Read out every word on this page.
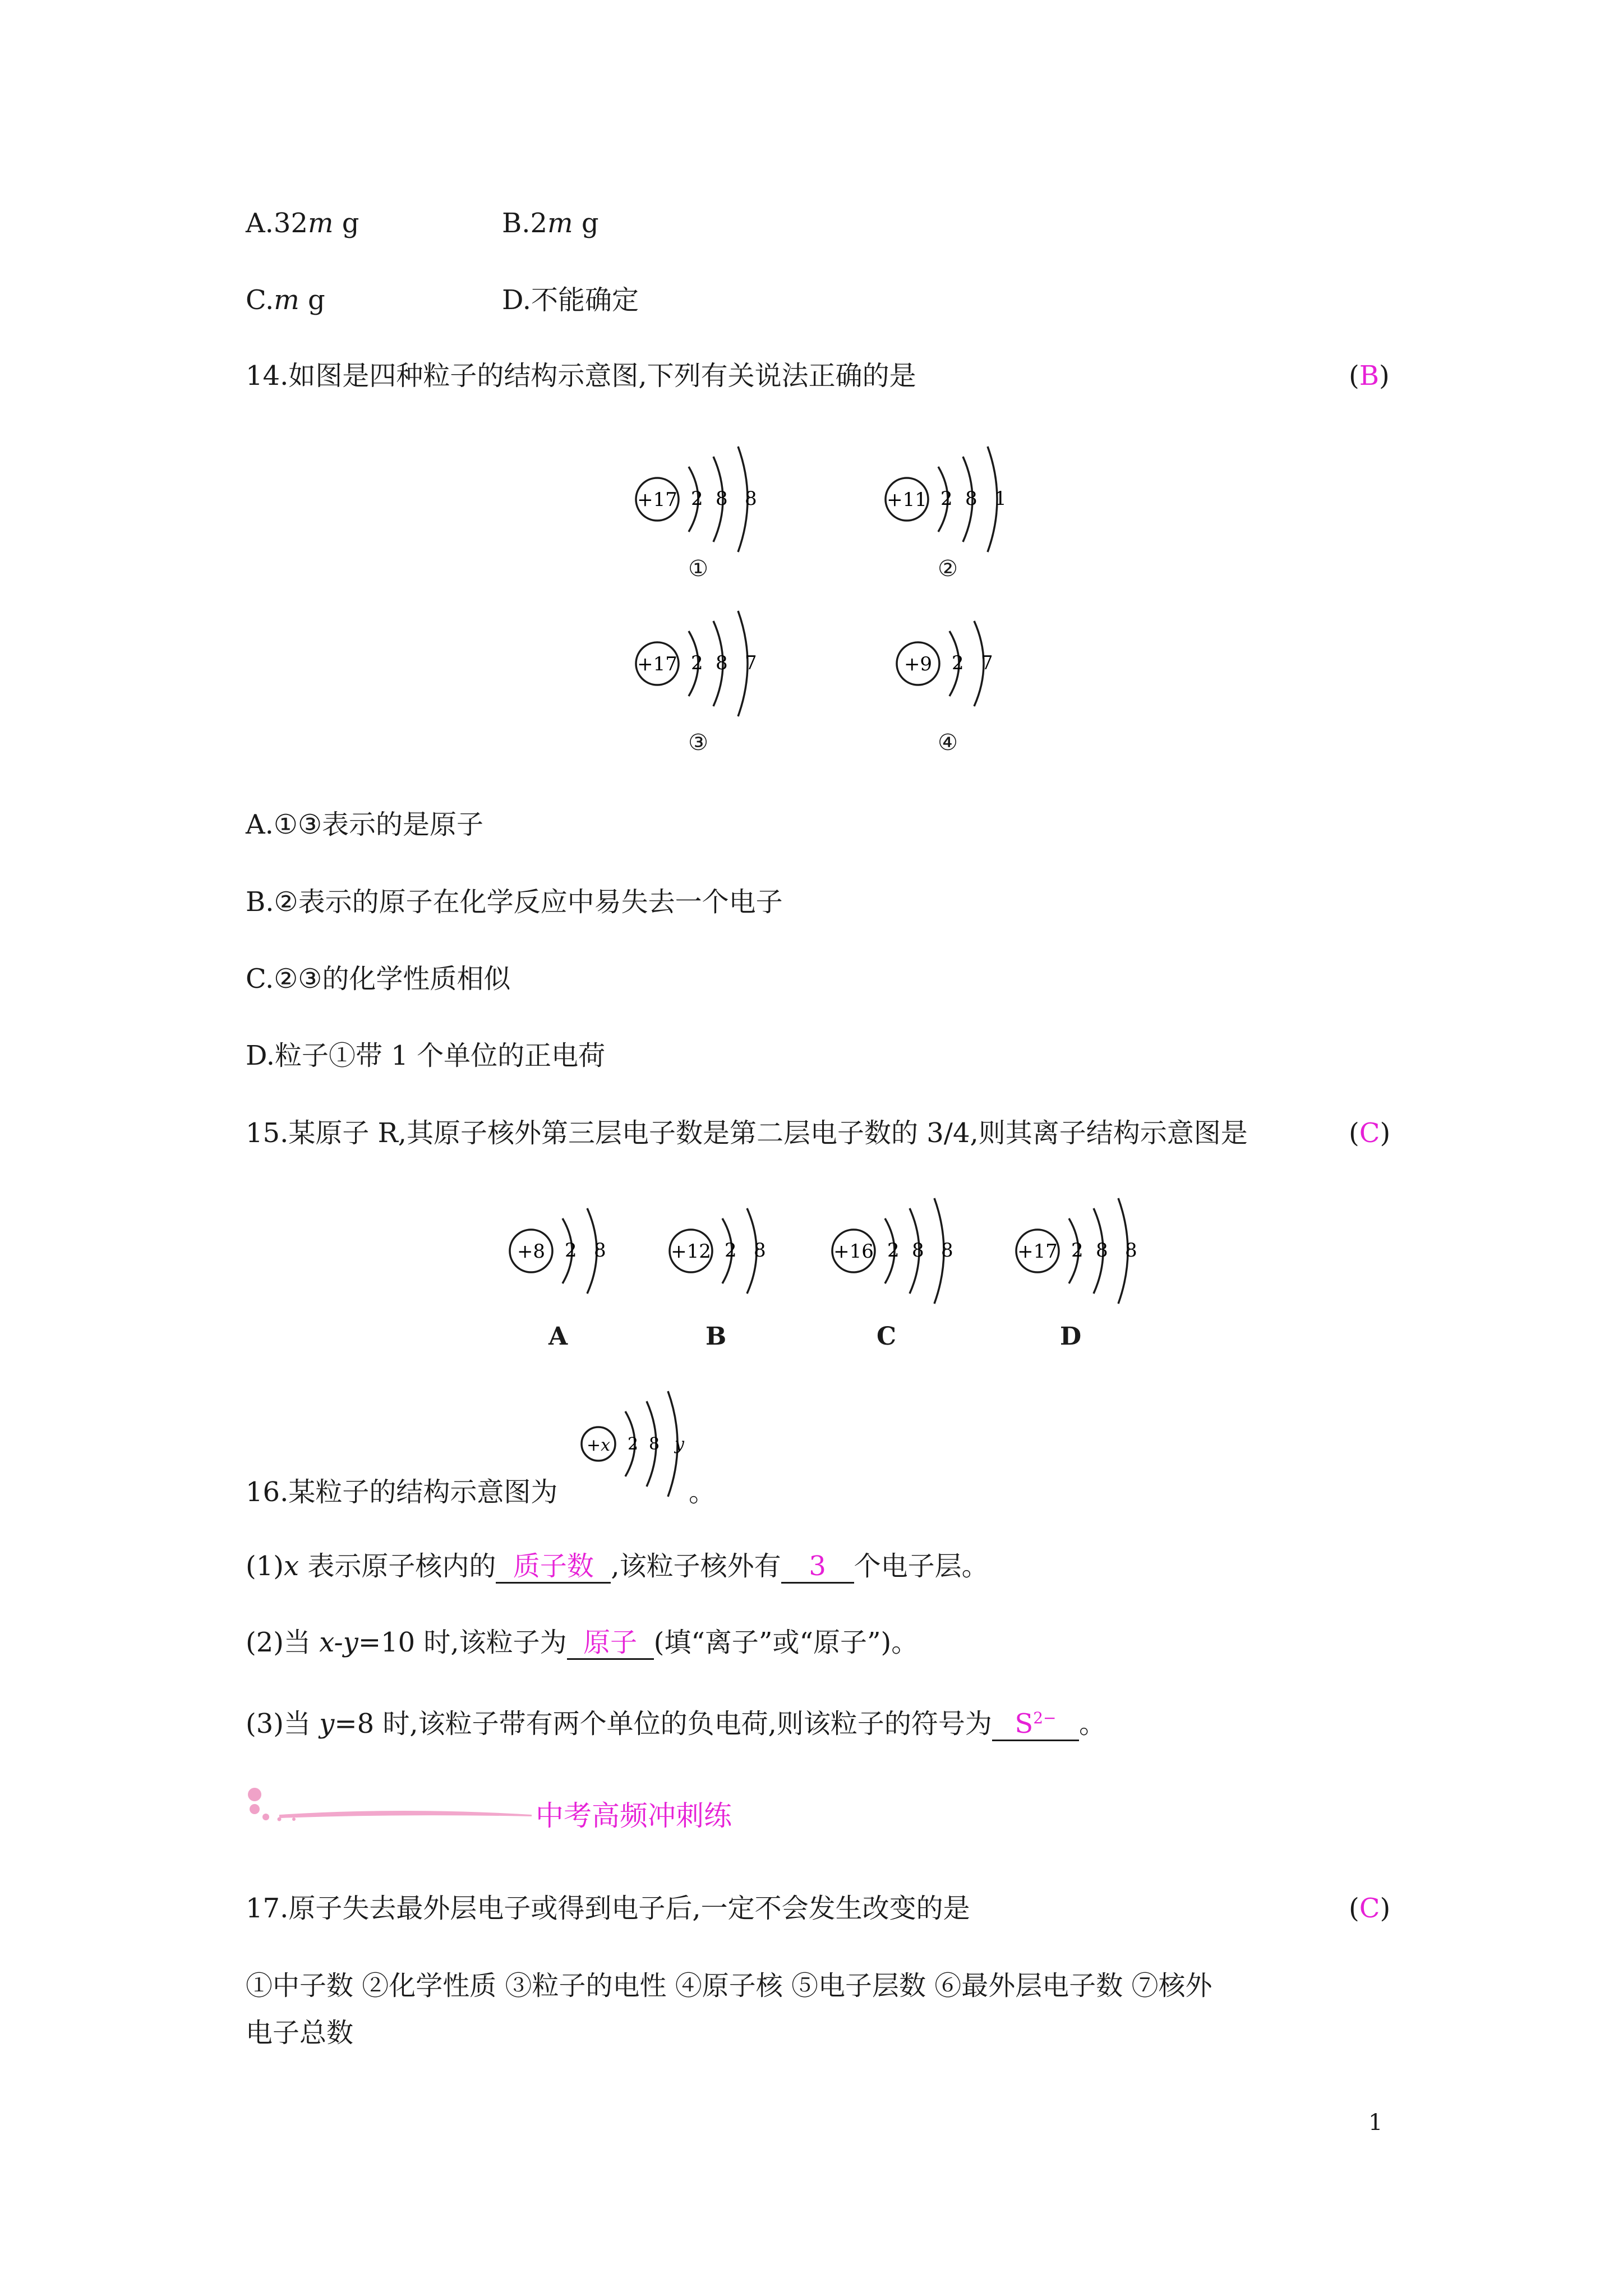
A.32m g	B.2m g
C.m g	D.不能确定
14.如图是四种粒子的结构示意图,下列有关说法正确的是	(B)
+17 2 8 8
①
+11 2 8 1
②
+17 2 8 7
③
+9 2 7
④
A.①③表示的是原子
B.②表示的原子在化学反应中易失去一个电子
C.②③的化学性质相似
D.粒子①带 1 个单位的正电荷
15.某原子 R,其原子核外第三层电子数是第二层电子数的 3/4,则其离子结构示意图是	(C)
+8 2 8
A
+12 2 8
B
+16 2 8 8
C
+17 2 8 8
D
16.某粒子的结构示意图为
+x 2 8 y
。
(1)x 表示原子核内的 质子数 ,该粒子核外有 3 个电子层。
(2)当 x-y=10 时,该粒子为 原子 (填“离子”或“原子”)。
(3)当 y=8 时,该粒子带有两个单位的负电荷,则该粒子的符号为 $S^{2-}$ 。
中考高频冲刺练
17.原子失去最外层电子或得到电子后,一定不会发生改变的是	(C)
①中子数 ②化学性质 ③粒子的电性 ④原子核 ⑤电子层数 ⑥最外层电子数 ⑦核外
电子总数
1
